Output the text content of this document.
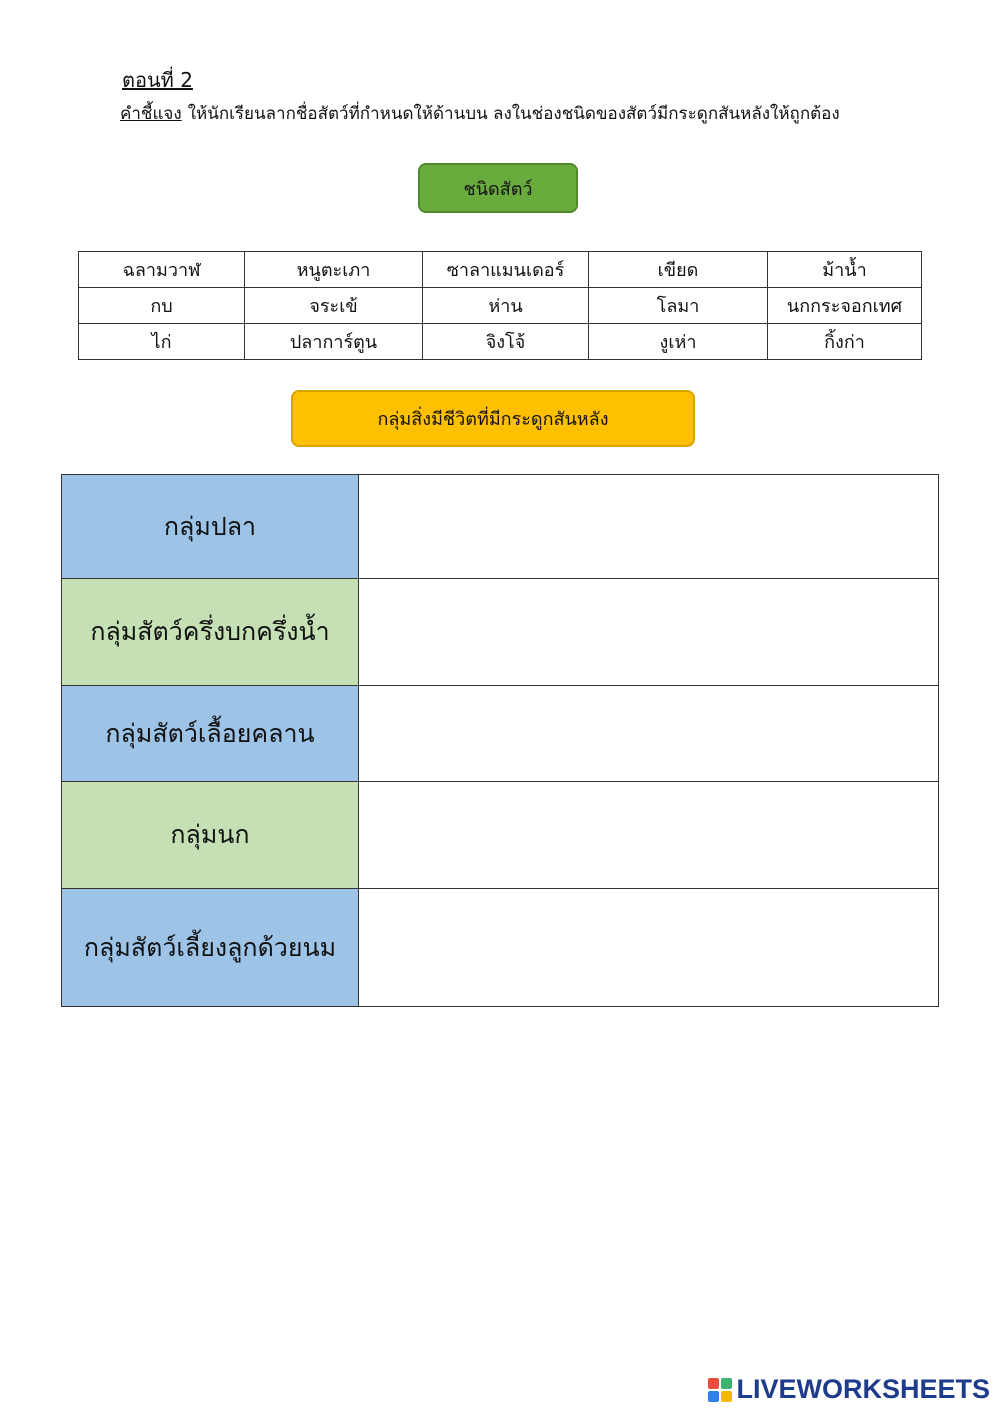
ตอนที่ 2
คำชี้แจง ให้นักเรียนลากชื่อสัตว์ที่กำหนดให้ด้านบน ลงในช่องชนิดของสัตว์มีกระดูกสันหลังให้ถูกต้อง
ชนิดสัตว์
ฉลามวาฬ	หนูตะเภา	ซาลาแมนเดอร์	เขียด	ม้าน้ำ
กบ	จระเข้	ห่าน	โลมา	นกกระจอกเทศ
ไก่	ปลาการ์ตูน	จิงโจ้	งูเห่า	กิ้งก่า
กลุ่มสิ่งมีชีวิตที่มีกระดูกสันหลัง
กลุ่มปลา	
กลุ่มสัตว์ครึ่งบกครึ่งน้ำ	
กลุ่มสัตว์เลื้อยคลาน	
กลุ่มนก	
กลุ่มสัตว์เลี้ยงลูกด้วยนม	
LIVEWORKSHEETS
